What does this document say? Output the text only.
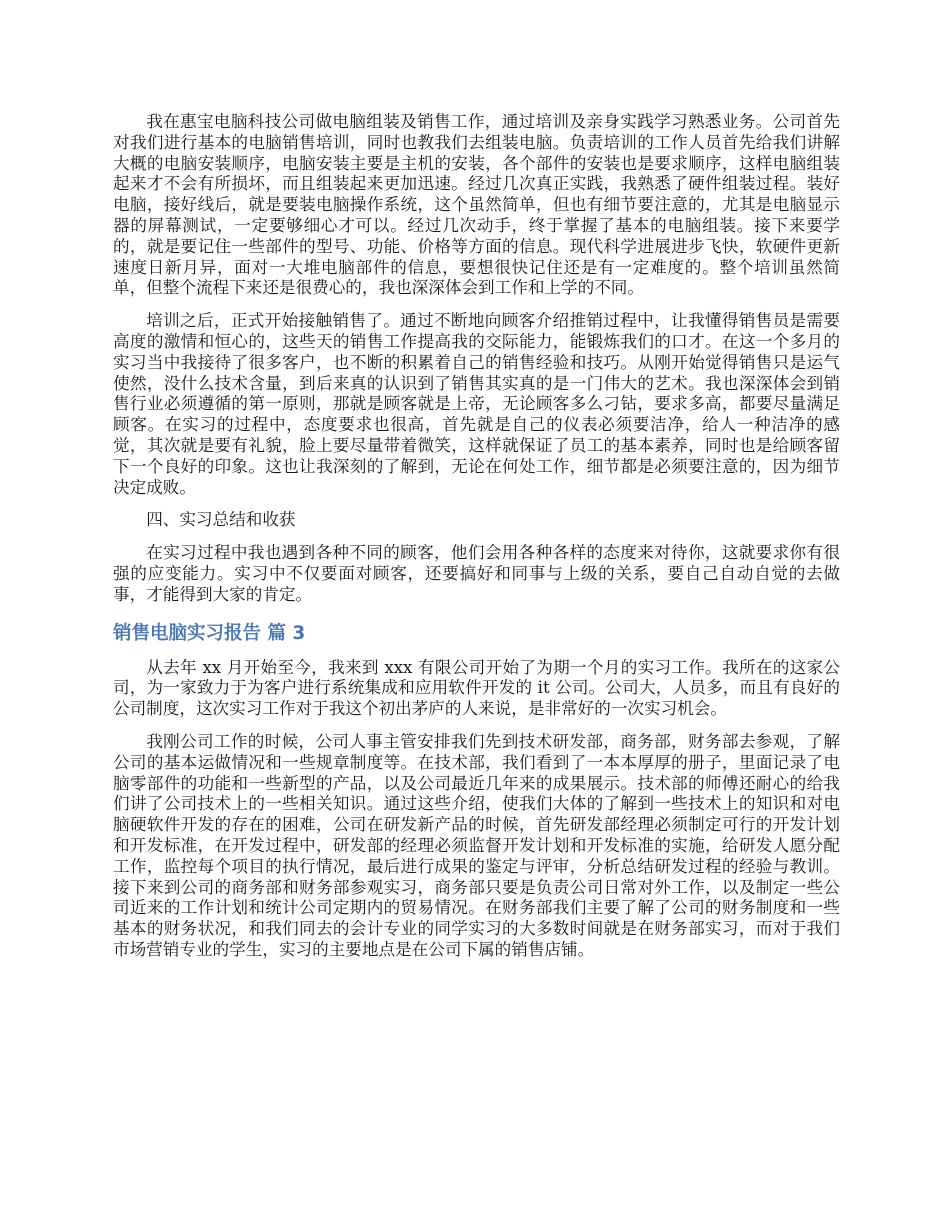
我在惠宝电脑科技公司做电脑组装及销售工作，通过培训及亲身实践学习熟悉业务。公司首先对我们进行基本的电脑销售培训，同时也教我们去组装电脑。负责培训的工作人员首先给我们讲解大概的电脑安装顺序，电脑安装主要是主机的安装，各个部件的安装也是要求顺序，这样电脑组装起来才不会有所损坏，而且组装起来更加迅速。经过几次真正实践，我熟悉了硬件组装过程。装好电脑，接好线后，就是要装电脑操作系统，这个虽然简单，但也有细节要注意的，尤其是电脑显示器的屏幕测试，一定要够细心才可以。经过几次动手，终于掌握了基本的电脑组装。接下来要学的，就是要记住一些部件的型号、功能、价格等方面的信息。现代科学进展进步飞快，软硬件更新速度日新月异，面对一大堆电脑部件的信息，要想很快记住还是有一定难度的。整个培训虽然简单，但整个流程下来还是很费心的，我也深深体会到工作和上学的不同。

培训之后，正式开始接触销售了。通过不断地向顾客介绍推销过程中，让我懂得销售员是需要高度的激情和恒心的，这些天的销售工作提高我的交际能力，能锻炼我们的口才。在这一个多月的实习当中我接待了很多客户，也不断的积累着自己的销售经验和技巧。从刚开始觉得销售只是运气使然，没什么技术含量，到后来真的认识到了销售其实真的是一门伟大的艺术。我也深深体会到销售行业必须遵循的第一原则，那就是顾客就是上帝，无论顾客多么刁钻，要求多高，都要尽量满足顾客。在实习的过程中，态度要求也很高，首先就是自己的仪表必须要洁净，给人一种洁净的感觉，其次就是要有礼貌，脸上要尽量带着微笑，这样就保证了员工的基本素养，同时也是给顾客留下一个良好的印象。这也让我深刻的了解到，无论在何处工作，细节都是必须要注意的，因为细节决定成败。

四、实习总结和收获

在实习过程中我也遇到各种不同的顾客，他们会用各种各样的态度来对待你，这就要求你有很强的应变能力。实习中不仅要面对顾客，还要搞好和同事与上级的关系，要自己自动自觉的去做事，才能得到大家的肯定。

销售电脑实习报告 篇 3

从去年 xx 月开始至今，我来到 xxx 有限公司开始了为期一个月的实习工作。我所在的这家公司，为一家致力于为客户进行系统集成和应用软件开发的 it 公司。公司大，人员多，而且有良好的公司制度，这次实习工作对于我这个初出茅庐的人来说，是非常好的一次实习机会。

我刚公司工作的时候，公司人事主管安排我们先到技术研发部，商务部，财务部去参观，了解公司的基本运做情况和一些规章制度等。在技术部，我们看到了一本本厚厚的册子，里面记录了电脑零部件的功能和一些新型的产品，以及公司最近几年来的成果展示。技术部的师傅还耐心的给我们讲了公司技术上的一些相关知识。通过这些介绍，使我们大体的了解到一些技术上的知识和对电脑硬软件开发的存在的困难，公司在研发新产品的时候，首先研发部经理必须制定可行的开发计划和开发标准，在开发过程中，研发部的经理必须监督开发计划和开发标准的实施，给研发人愿分配工作，监控每个项目的执行情况，最后进行成果的鉴定与评审，分析总结研发过程的经验与教训。接下来到公司的商务部和财务部参观实习，商务部只要是负责公司日常对外工作，以及制定一些公司近来的工作计划和统计公司定期内的贸易情况。在财务部我们主要了解了公司的财务制度和一些基本的财务状况，和我们同去的会计专业的同学实习的大多数时间就是在财务部实习，而对于我们市场营销专业的学生，实习的主要地点是在公司下属的销售店铺。
